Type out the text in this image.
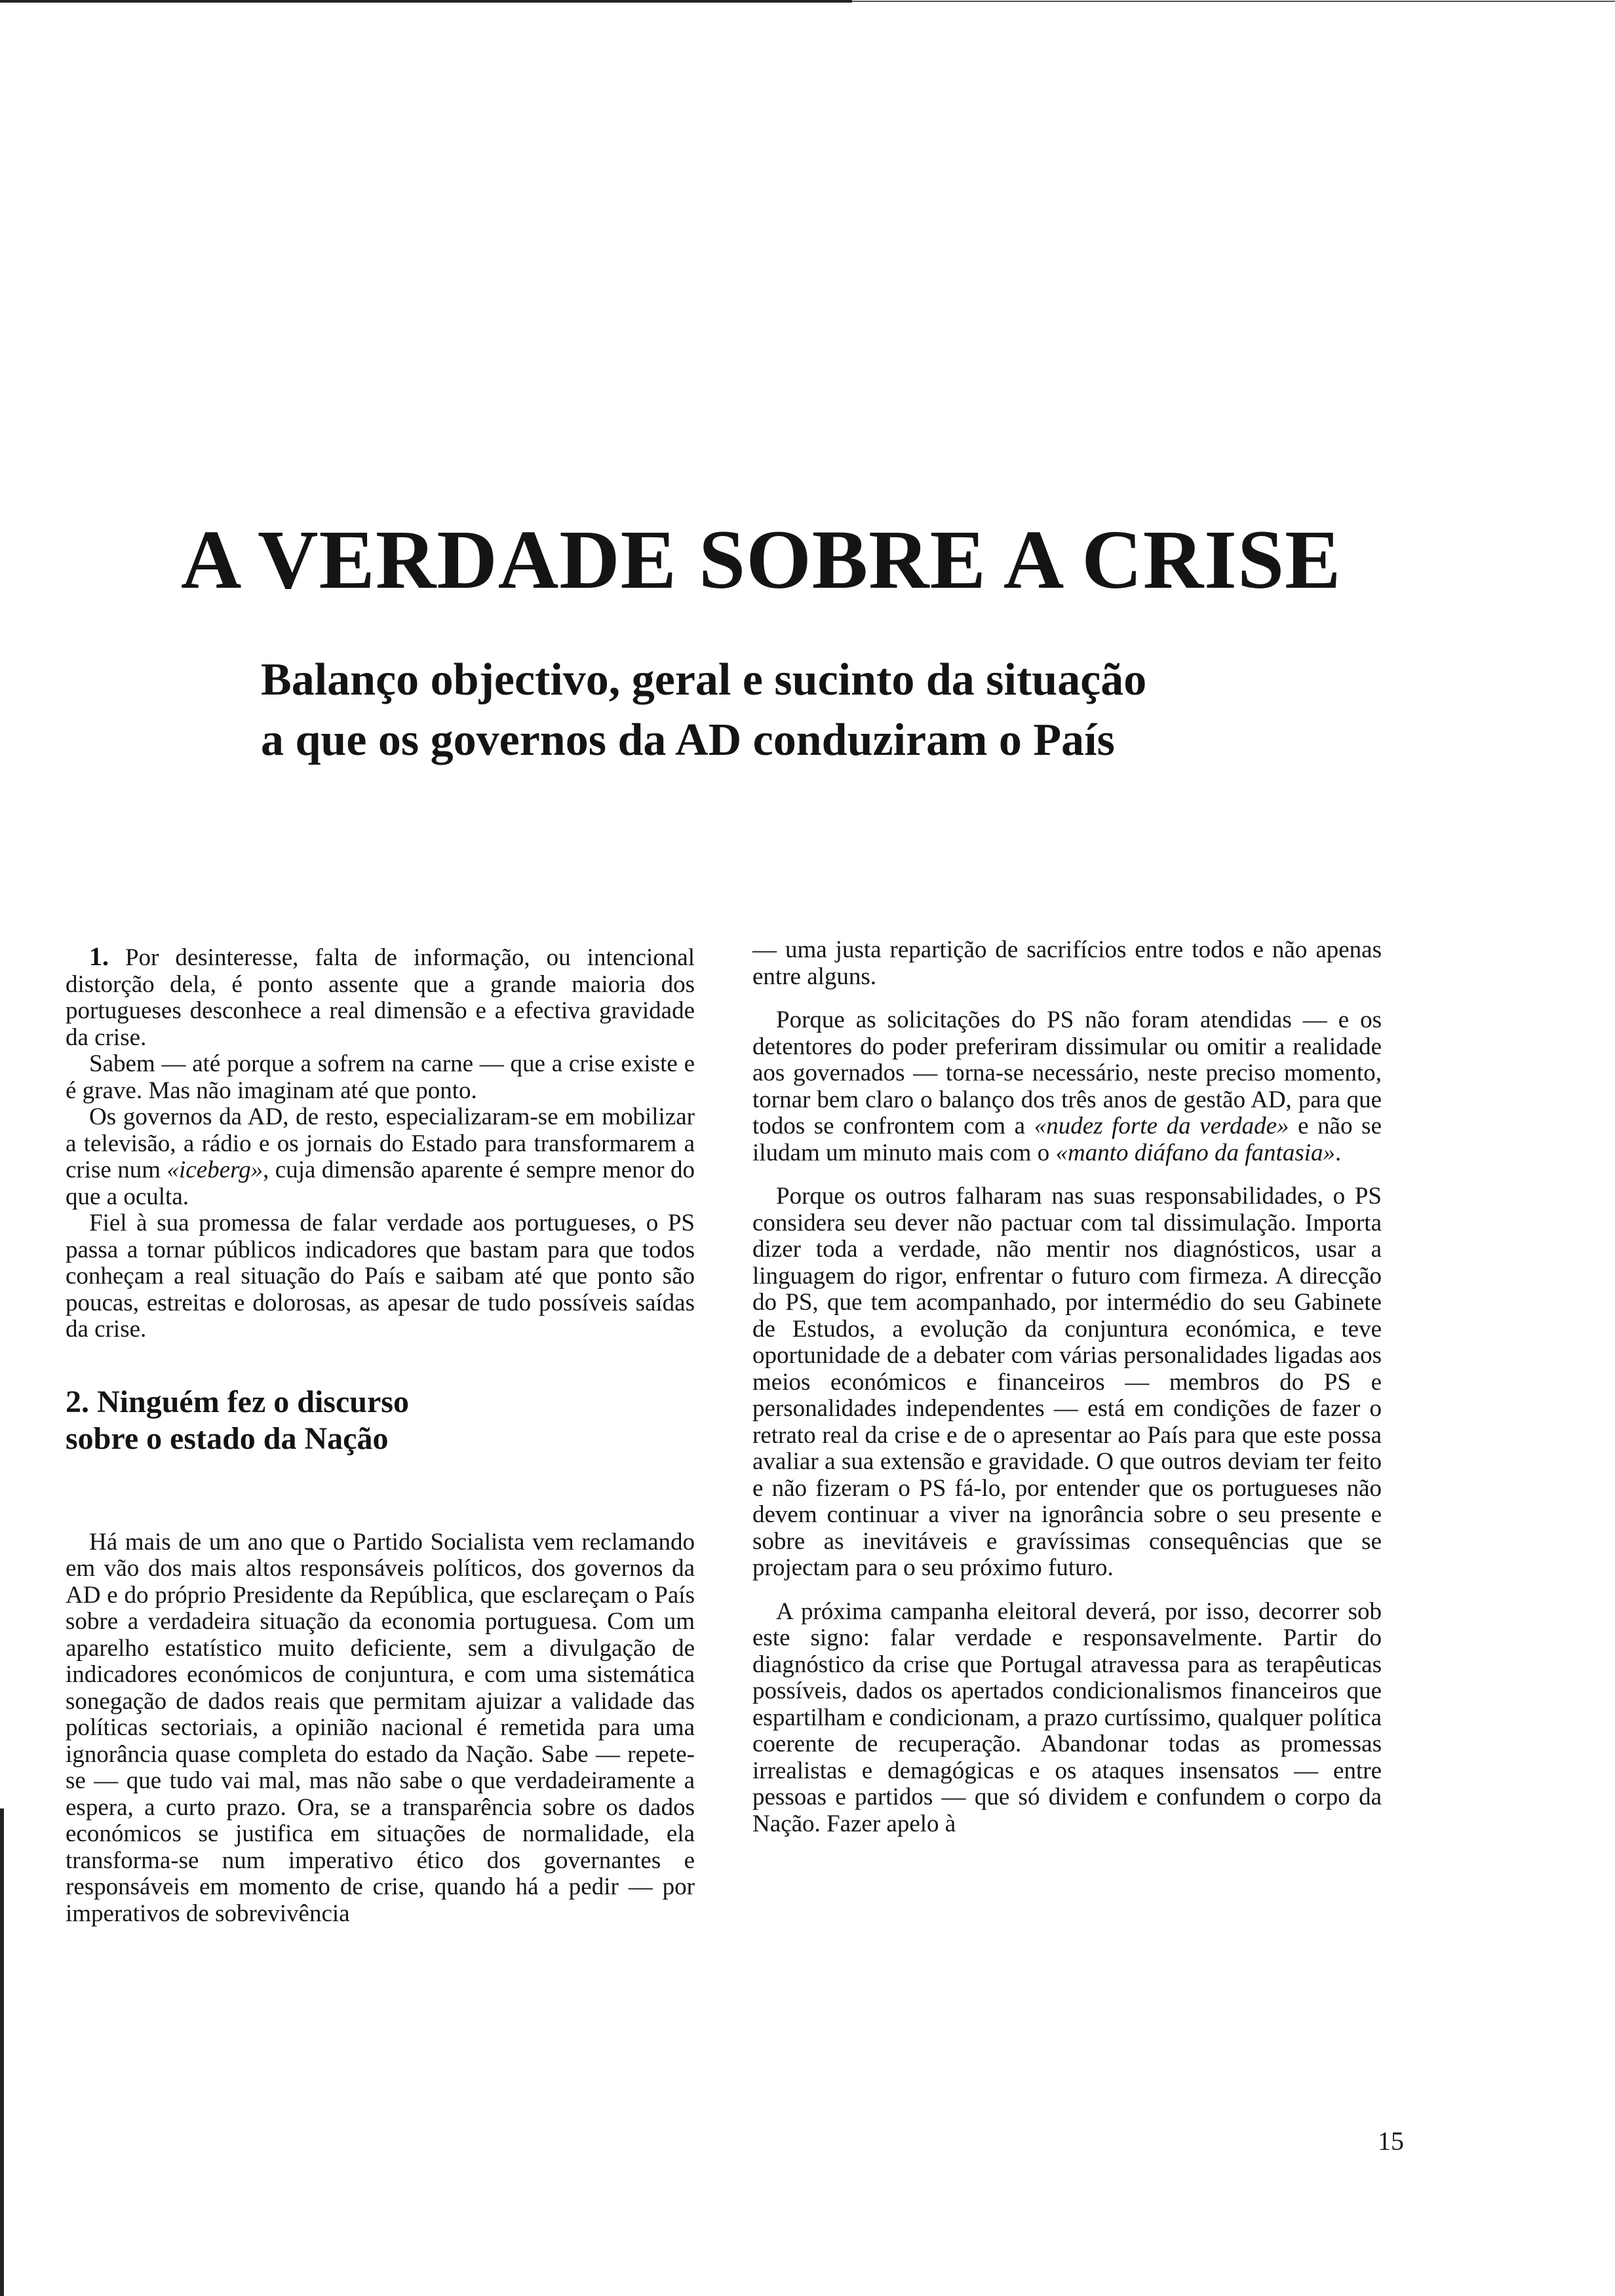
A VERDADE SOBRE A CRISE
Balanço objectivo, geral e sucinto da situação
a que os governos da AD conduziram o País

1. Por desinteresse, falta de informação, ou intencional distorção dela, é ponto assente que a grande maioria dos portugueses desconhece a real dimensão e a efectiva gravidade da crise.

Sabem — até porque a sofrem na carne — que a crise existe e é grave. Mas não imaginam até que ponto.

Os governos da AD, de resto, especializaram-se em mobilizar a televisão, a rádio e os jornais do Estado para transformarem a crise num «iceberg», cuja dimensão aparente é sempre menor do que a oculta.

Fiel à sua promessa de falar verdade aos portugueses, o PS passa a tornar públicos indicadores que bastam para que todos conheçam a real situação do País e saibam até que ponto são poucas, estreitas e dolorosas, as apesar de tudo possíveis saídas da crise.

2. Ninguém fez o discurso
sobre o estado da Nação

Há mais de um ano que o Partido Socialista vem reclamando em vão dos mais altos responsáveis políticos, dos governos da AD e do próprio Presidente da República, que esclareçam o País sobre a verdadeira situação da economia portuguesa. Com um aparelho estatístico muito deficiente, sem a divulgação de indicadores económicos de conjuntura, e com uma sistemática sonegação de dados reais que permitam ajuizar a validade das políticas sectoriais, a opinião nacional é remetida para uma ignorância quase completa do estado da Nação. Sabe — repete-se — que tudo vai mal, mas não sabe o que verdadeiramente a espera, a curto prazo. Ora, se a transparência sobre os dados económicos se justifica em situações de normalidade, ela transforma-se num imperativo ético dos governantes e responsáveis em momento de crise, quando há a pedir — por imperativos de sobrevivência

— uma justa repartição de sacrifícios entre todos e não apenas entre alguns.

Porque as solicitações do PS não foram atendidas — e os detentores do poder preferiram dissimular ou omitir a realidade aos governados — torna-se necessário, neste preciso momento, tornar bem claro o balanço dos três anos de gestão AD, para que todos se confrontem com a «nudez forte da verdade» e não se iludam um minuto mais com o «manto diáfano da fantasia».

Porque os outros falharam nas suas responsabilidades, o PS considera seu dever não pactuar com tal dissimulação. Importa dizer toda a verdade, não mentir nos diagnósticos, usar a linguagem do rigor, enfrentar o futuro com firmeza. A direcção do PS, que tem acompanhado, por intermédio do seu Gabinete de Estudos, a evolução da conjuntura económica, e teve oportunidade de a debater com várias personalidades ligadas aos meios económicos e financeiros — membros do PS e personalidades independentes — está em condições de fazer o retrato real da crise e de o apresentar ao País para que este possa avaliar a sua extensão e gravidade. O que outros deviam ter feito e não fizeram o PS fá-lo, por entender que os portugueses não devem continuar a viver na ignorância sobre o seu presente e sobre as inevitáveis e gravíssimas consequências que se projectam para o seu próximo futuro.

A próxima campanha eleitoral deverá, por isso, decorrer sob este signo: falar verdade e responsavelmente. Partir do diagnóstico da crise que Portugal atravessa para as terapêuticas possíveis, dados os apertados condicionalismos financeiros que espartilham e condicionam, a prazo curtíssimo, qualquer política coerente de recuperação. Abandonar todas as promessas irrealistas e demagógicas e os ataques insensatos — entre pessoas e partidos — que só dividem e confundem o corpo da Nação. Fazer apelo à

15
